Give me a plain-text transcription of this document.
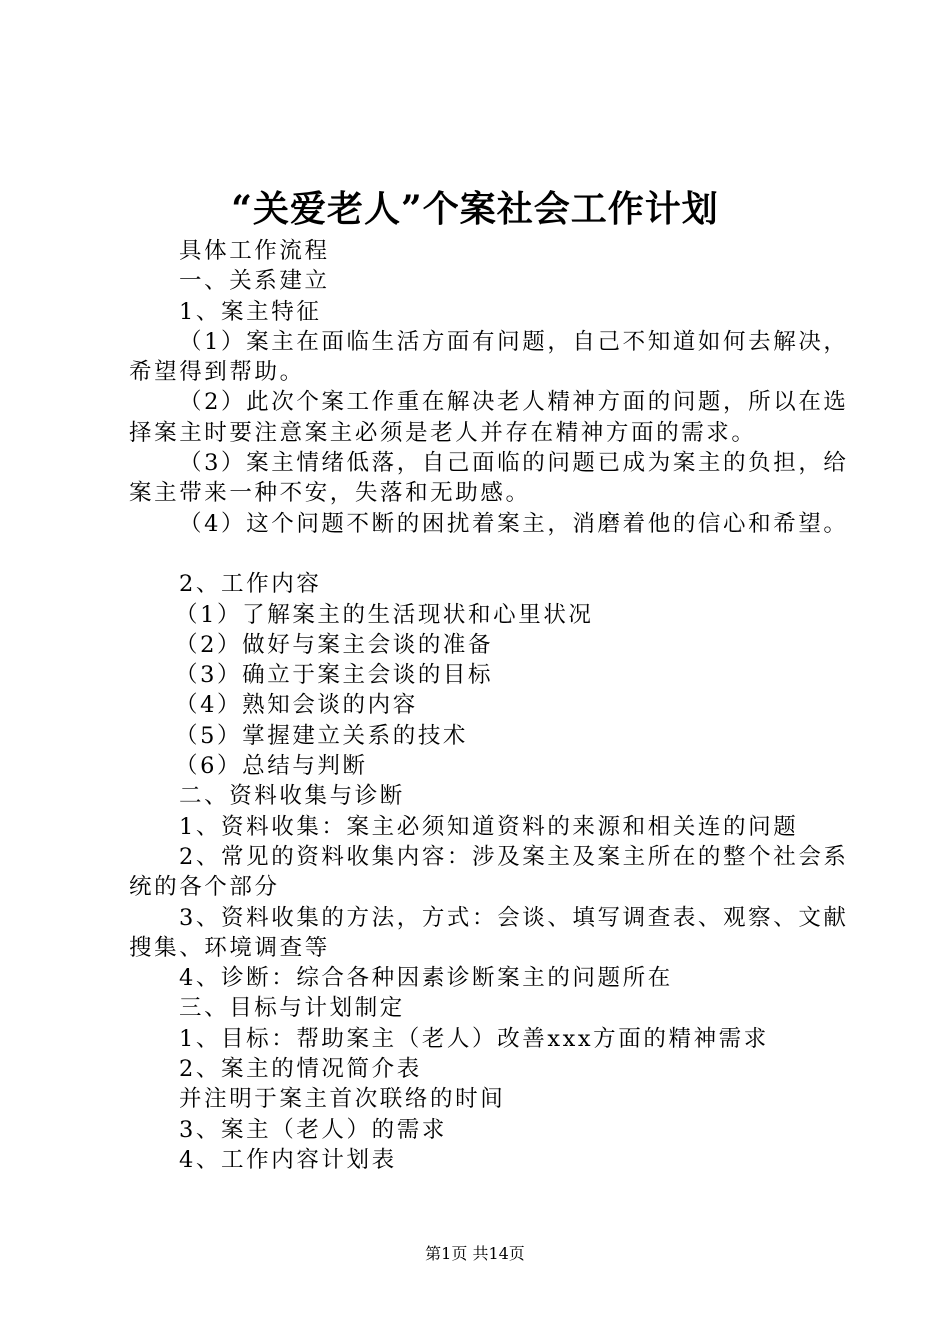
“关爱老人”个案社会工作计划

具体工作流程

一、关系建立

1、案主特征

（1）案主在面临生活方面有问题，自己不知道如何去解决，希望得到帮助。

（2）此次个案工作重在解决老人精神方面的问题，所以在选择案主时要注意案主必须是老人并存在精神方面的需求。

（3）案主情绪低落，自己面临的问题已成为案主的负担，给案主带来一种不安，失落和无助感。

（4）这个问题不断的困扰着案主，消磨着他的信心和希望。

2、工作内容

（1）了解案主的生活现状和心里状况

（2）做好与案主会谈的准备

（3）确立于案主会谈的目标

（4）熟知会谈的内容

（5）掌握建立关系的技术

（6）总结与判断

二、资料收集与诊断

1、资料收集：案主必须知道资料的来源和相关连的问题

2、常见的资料收集内容：涉及案主及案主所在的整个社会系统的各个部分

3、资料收集的方法，方式：会谈、填写调查表、观察、文献搜集、环境调查等

4、诊断：综合各种因素诊断案主的问题所在

三、目标与计划制定

1、目标：帮助案主（老人）改善xxx方面的精神需求

2、案主的情况简介表

并注明于案主首次联络的时间

3、案主（老人）的需求

4、工作内容计划表

第1页 共14页
